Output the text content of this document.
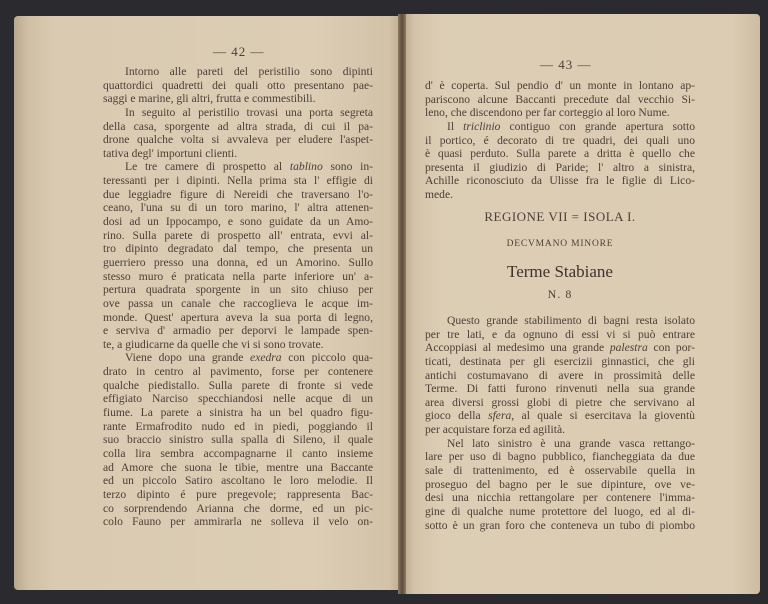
— 42 —
Intorno alle pareti del peristilio sono dipinti
quattordici quadretti dei quali otto presentano pae-
saggi e marine, gli altri, frutta e commestibili.
In seguito al peristilio trovasi una porta segreta
della casa, sporgente ad altra strada, di cui il pa-
drone qualche volta si avvaleva per eludere l'aspet-
tativa degl' importuni clienti.
Le tre camere di prospetto al tablino sono in-
teressanti per i dipinti. Nella prima sta l' effigie di
due leggiadre figure di Nereidi che traversano l'o-
ceano, l'una su di un toro marino, l' altra attenen-
dosi ad un Ippocampo, e sono guidate da un Amo-
rino. Sulla parete di prospetto all' entrata, evvi al-
tro dipinto degradato dal tempo, che presenta un
guerriero presso una donna, ed un Amorino. Sullo
stesso muro é praticata nella parte inferiore un' a-
pertura quadrata sporgente in un sito chiuso per
ove passa un canale che raccoglieva le acque im-
monde. Quest' apertura aveva la sua porta di legno,
e serviva d' armadio per deporvi le lampade spen-
te, a giudicarne da quelle che vi si sono trovate.
Viene dopo una grande exedra con piccolo qua-
drato in centro al pavimento, forse per contenere
qualche piedistallo. Sulla parete di fronte si vede
effigiato Narciso specchiandosi nelle acque di un
fiume. La parete a sinistra ha un bel quadro figu-
rante Ermafrodito nudo ed in piedi, poggiando il
suo braccio sinistro sulla spalla di Sileno, il quale
colla lira sembra accompagnarne il canto insieme
ad Amore che suona le tibie, mentre una Baccante
ed un piccolo Satiro ascoltano le loro melodie. Il
terzo dipinto é pure pregevole; rappresenta Bac-
co sorprendendo Arianna che dorme, ed un pic-
colo Fauno per ammirarla ne solleva il velo on-
— 43 —
d' è coperta. Sul pendio d' un monte in lontano ap-
pariscono alcune Baccanti precedute dal vecchio Si-
leno, che discendono per far corteggio al loro Nume.
Il triclinio contiguo con grande apertura sotto
il portico, é decorato di tre quadri, dei quali uno
è quasi perduto. Sulla parete a dritta è quello che
presenta il giudizio di Paride; l' altro a sinistra,
Achille riconosciuto da Ulisse fra le figlie di Lico-
mede.
REGIONE VII = ISOLA I.
DECVMANO MINORE
Terme Stabiane
N. 8
Questo grande stabilimento di bagni resta isolato
per tre lati, e da ognuno di essi vi si può entrare
Accoppiasi al medesimo una grande palestra con por-
ticati, destinata per gli esercizii ginnastici, che gli
antichi costumavano di avere in prossimità delle
Terme. Di fatti furono rinvenuti nella sua grande
area diversi grossi globi di pietre che servivano al
gioco della sfera, al quale si esercitava la gioventù
per acquistare forza ed agilità.
Nel lato sinistro è una grande vasca rettango-
lare per uso di bagno pubblico, fiancheggiata da due
sale di trattenimento, ed è osservabile quella in
proseguo del bagno per le sue dipinture, ove ve-
desi una nicchia rettangolare per contenere l'imma-
gine di qualche nume protettore del luogo, ed al di-
sotto è un gran foro che conteneva un tubo di piombo
